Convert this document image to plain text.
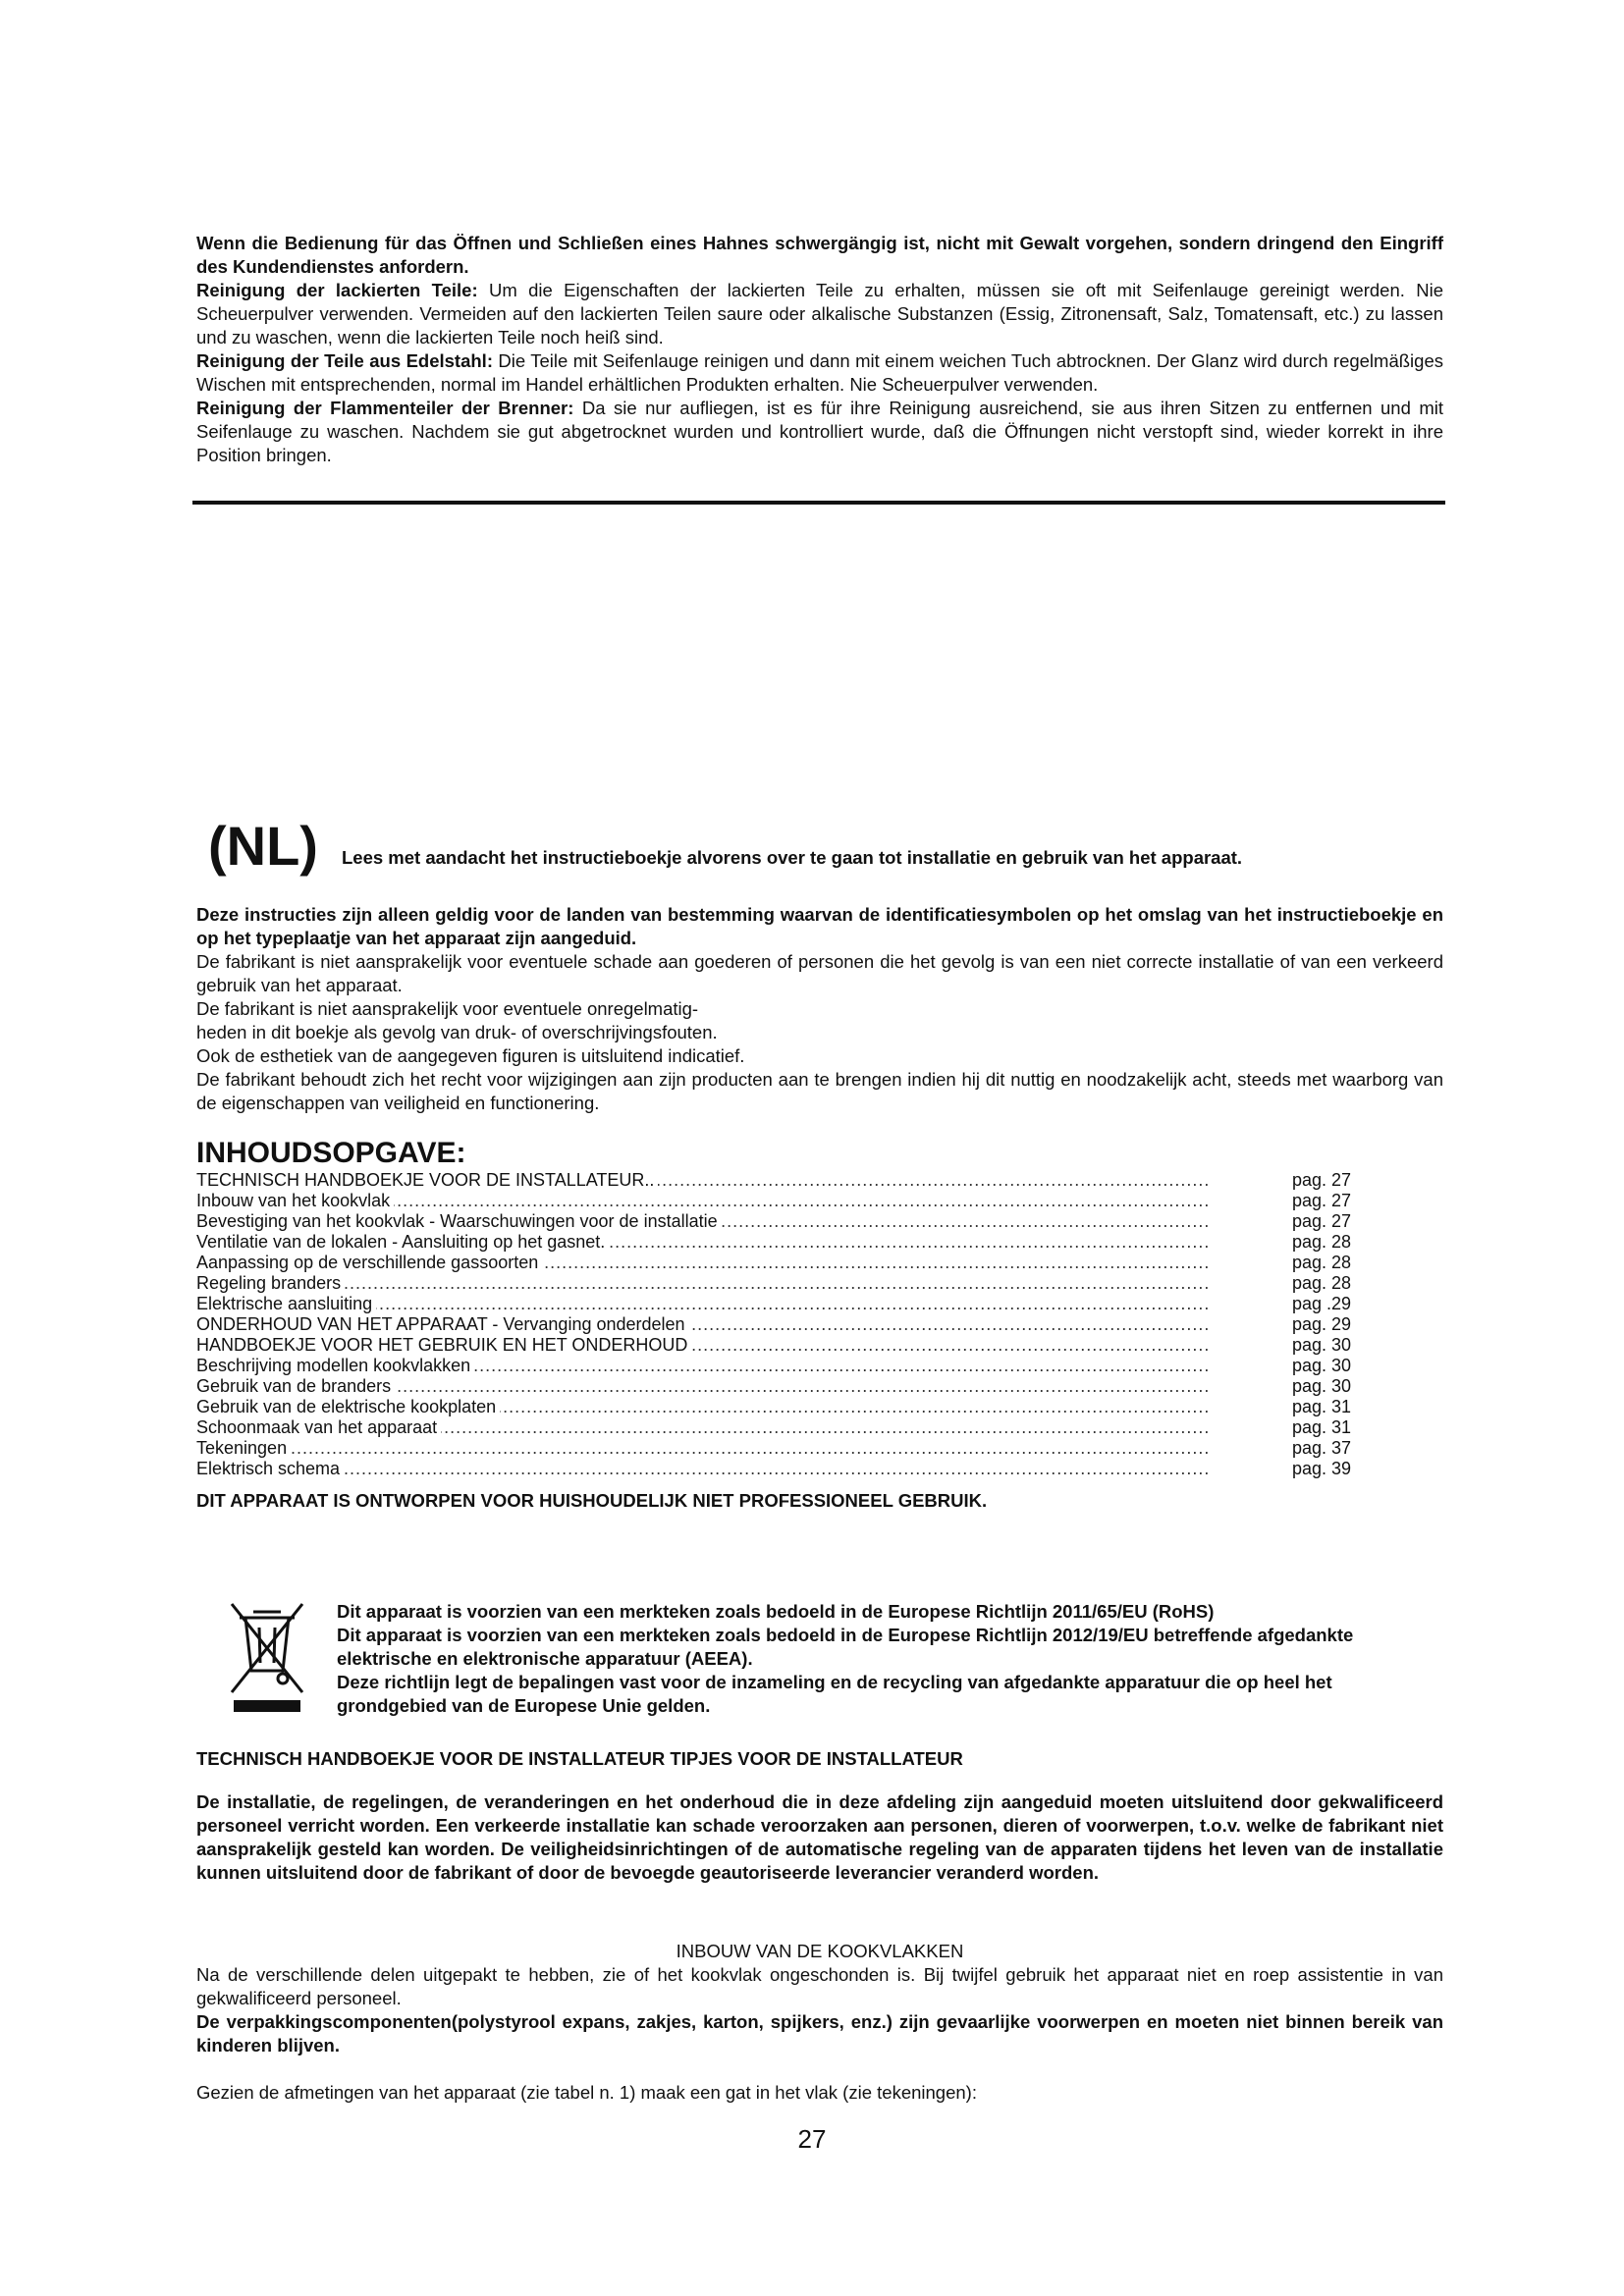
Wenn die Bedienung für das Öffnen und Schließen eines Hahnes schwergängig ist, nicht mit Gewalt vorgehen, sondern dringend den Eingriff des Kundendienstes anfordern.

Reinigung der lackierten Teile: Um die Eigenschaften der lackierten Teile zu erhalten, müssen sie oft mit Seifenlauge gereinigt werden. Nie Scheuerpulver verwenden. Vermeiden auf den lackierten Teilen saure oder alkalische Substanzen (Essig, Zitronensaft, Salz, Tomatensaft, etc.) zu lassen und zu waschen, wenn die lackierten Teile noch heiß sind.

Reinigung der Teile aus Edelstahl: Die Teile mit Seifenlauge reinigen und dann mit einem weichen Tuch abtrocknen. Der Glanz wird durch regelmäßiges Wischen mit entsprechenden, normal im Handel erhältlichen Produkten erhalten. Nie Scheuerpulver verwenden.

Reinigung der Flammenteiler der Brenner: Da sie nur aufliegen, ist es für ihre Reinigung ausreichend, sie aus ihren Sitzen zu entfernen und mit Seifenlauge zu waschen. Nachdem sie gut abgetrocknet wurden und kontrolliert wurde, daß die Öffnungen nicht verstopft sind, wieder korrekt in ihre Position bringen.

(NL) Lees met aandacht het instructieboekje alvorens over te gaan tot installatie en gebruik van het apparaat.

Deze instructies zijn alleen geldig voor de landen van bestemming waarvan de identificatiesymbolen op het omslag van het instructieboekje en op het typeplaatje van het apparaat zijn aangeduid.

De fabrikant is niet aansprakelijk voor eventuele schade aan goederen of personen die het gevolg is van een niet correcte installatie of van een verkeerd gebruik van het apparaat.

De fabrikant is niet aansprakelijk voor eventuele onregelmatig-

heden in dit boekje als gevolg van druk- of overschrijvingsfouten.

Ook de esthetiek van de aangegeven figuren is uitsluitend indicatief.

De fabrikant behoudt zich het recht voor wijzigingen aan zijn producten aan te brengen indien hij dit nuttig en noodzakelijk acht, steeds met waarborg van de eigenschappen van veiligheid en functionering.

INHOUDSOPGAVE:
TECHNISCH HANDBOEKJE VOOR DE INSTALLATEUR.. . . .	pag. 27
Inbouw van het kookvlak . . .	pag. 27
Bevestiging van het kookvlak - Waarschuwingen voor de installatie . . .	pag. 27
Ventilatie van de lokalen - Aansluiting op het gasnet. . . .	pag. 28
Aanpassing op de verschillende gassoorten . . .	pag. 28
Regeling branders . . .	pag. 28
Elektrische aansluiting . . .	pag .29
ONDERHOUD VAN HET APPARAAT - Vervanging onderdelen . . .	pag. 29
HANDBOEKJE VOOR HET GEBRUIK EN HET ONDERHOUD . . .	pag. 30
Beschrijving modellen kookvlakken . . .	pag. 30
Gebruik van de branders . . .	pag. 30
Gebruik van de elektrische kookplaten . . .	pag. 31
Schoonmaak van het apparaat . . .	pag. 31
Tekeningen . . .	pag. 37
Elektrisch schema . . .	pag. 39

DIT APPARAAT IS ONTWORPEN VOOR HUISHOUDELIJK NIET PROFESSIONEEL GEBRUIK.

Dit apparaat is voorzien van een merkteken zoals bedoeld in de Europese Richtlijn 2011/65/EU (RoHS)

Dit apparaat is voorzien van een merkteken zoals bedoeld in de Europese Richtlijn 2012/19/EU betreffende afgedankte elektrische en elektronische apparatuur (AEEA).

Deze richtlijn legt de bepalingen vast voor de inzameling en de recycling van afgedankte apparatuur die op heel het grondgebied van de Europese Unie gelden.

TECHNISCH HANDBOEKJE VOOR DE INSTALLATEUR TIPJES VOOR DE INSTALLATEUR

De installatie, de regelingen, de veranderingen en het onderhoud die in deze afdeling zijn aangeduid moeten uitsluitend door gekwalificeerd personeel verricht worden. Een verkeerde installatie kan schade veroorzaken aan personen, dieren of voorwerpen, t.o.v. welke de fabrikant niet aansprakelijk gesteld kan worden. De veiligheidsinrichtingen of de automatische regeling van de apparaten tijdens het leven van de installatie kunnen uitsluitend door de fabrikant of door de bevoegde geautoriseerde leverancier veranderd worden.

INBOUW VAN DE KOOKVLAKKEN

Na de verschillende delen uitgepakt te hebben, zie of het kookvlak ongeschonden is. Bij twijfel gebruik het apparaat niet en roep assistentie in van gekwalificeerd personeel.

De verpakkingscomponenten(polystyrool expans, zakjes, karton, spijkers, enz.) zijn gevaarlijke voorwerpen en moeten niet binnen bereik van kinderen blijven.

Gezien de afmetingen van het apparaat (zie tabel n. 1) maak een gat in het vlak (zie tekeningen):

27
